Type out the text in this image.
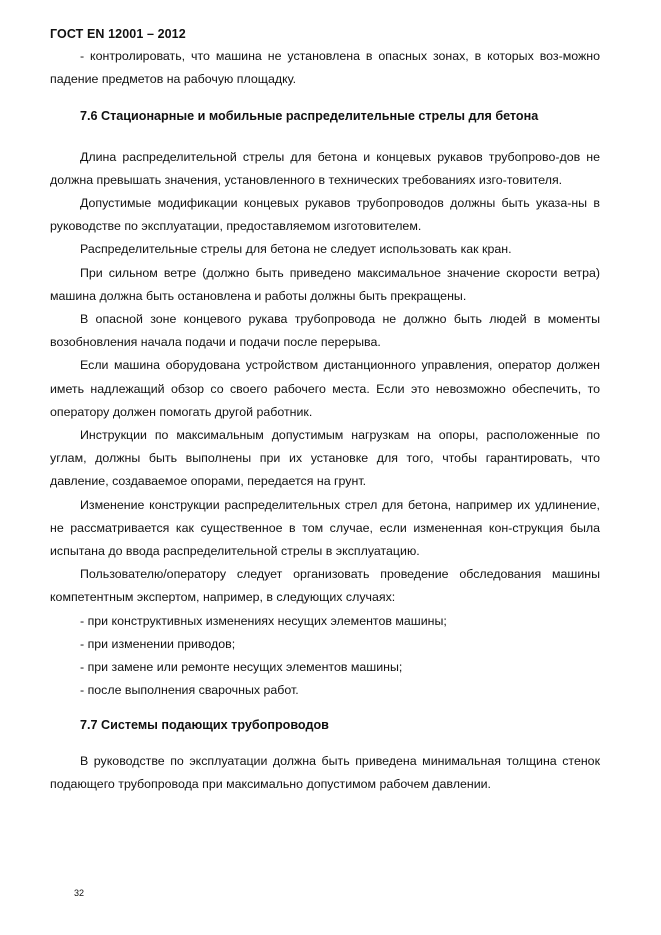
ГОСТ EN 12001 – 2012

- контролировать, что машина не установлена в опасных зонах, в которых воз-можно падение предметов на рабочую площадку.

7.6 Стационарные и мобильные распределительные стрелы для бетона

Длина распределительной стрелы для бетона и концевых рукавов трубопрово-дов не должна превышать значения, установленного в технических требованиях изго-товителя.

Допустимые модификации концевых рукавов трубопроводов должны быть указа-ны в руководстве по эксплуатации, предоставляемом изготовителем.

Распределительные стрелы для бетона не следует использовать как кран.

При сильном ветре (должно быть приведено максимальное значение скорости ветра) машина должна быть остановлена и работы должны быть прекращены.

В опасной зоне концевого рукава трубопровода не должно быть людей в моменты возобновления начала подачи и подачи после перерыва.

Если машина оборудована устройством дистанционного управления, оператор должен иметь надлежащий обзор со своего рабочего места. Если это невозможно обеспечить, то оператору должен помогать другой работник.

Инструкции по максимальным допустимым нагрузкам на опоры, расположенные по углам, должны быть выполнены при их установке для того, чтобы гарантировать, что давление, создаваемое опорами, передается на грунт.

Изменение конструкции распределительных стрел для бетона, например их удлинение, не рассматривается как существенное в том случае, если измененная кон-струкция была испытана до ввода распределительной стрелы в эксплуатацию.

Пользователю/оператору следует организовать проведение обследования машины компетентным экспертом, например, в следующих случаях:

- при конструктивных изменениях несущих элементов машины;

- при изменении приводов;

- при замене или ремонте несущих элементов машины;

- после выполнения сварочных работ.

7.7 Системы подающих трубопроводов

В руководстве по эксплуатации должна быть приведена минимальная толщина стенок подающего трубопровода при максимально допустимом рабочем давлении.

32
